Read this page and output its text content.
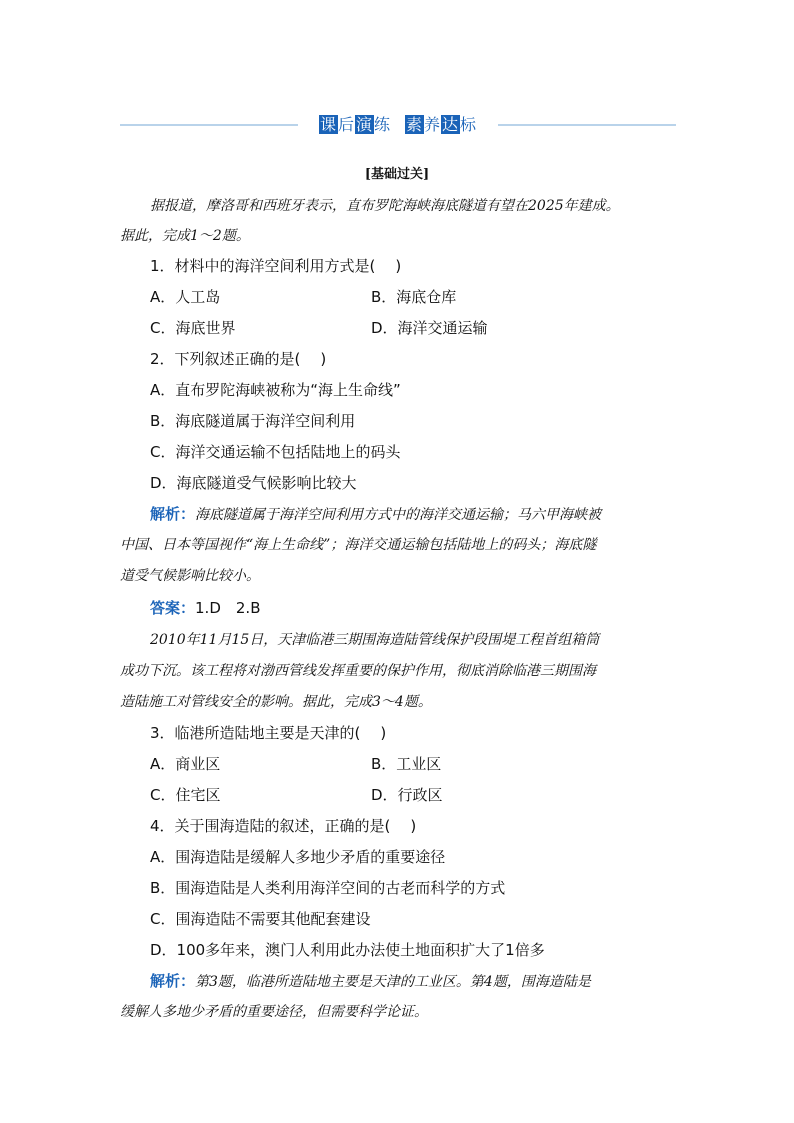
课后演练 素养达标
[基础过关]
据报道，摩洛哥和西班牙表示，直布罗陀海峡海底隧道有望在2025年建成。
据此，完成1～2题。
1．材料中的海洋空间利用方式是( )
A．人工岛	B．海底仓库
C．海底世界	D．海洋交通运输
2．下列叙述正确的是( )
A．直布罗陀海峡被称为“海上生命线”
B．海底隧道属于海洋空间利用
C．海洋交通运输不包括陆地上的码头
D．海底隧道受气候影响比较大
解析：海底隧道属于海洋空间利用方式中的海洋交通运输；马六甲海峡被
中国、日本等国视作“海上生命线”；海洋交通运输包括陆地上的码头；海底隧
道受气候影响比较小。
答案：1.D　2.B
2010年11月15日，天津临港三期围海造陆管线保护段围堤工程首组箱筒
成功下沉。该工程将对渤西管线发挥重要的保护作用，彻底消除临港三期围海
造陆施工对管线安全的影响。据此，完成3～4题。
3．临港所造陆地主要是天津的( )
A．商业区	B．工业区
C．住宅区	D．行政区
4．关于围海造陆的叙述，正确的是( )
A．围海造陆是缓解人多地少矛盾的重要途径
B．围海造陆是人类利用海洋空间的古老而科学的方式
C．围海造陆不需要其他配套建设
D．100多年来，澳门人利用此办法使土地面积扩大了1倍多
解析：第3题，临港所造陆地主要是天津的工业区。第4题，围海造陆是
缓解人多地少矛盾的重要途径，但需要科学论证。
